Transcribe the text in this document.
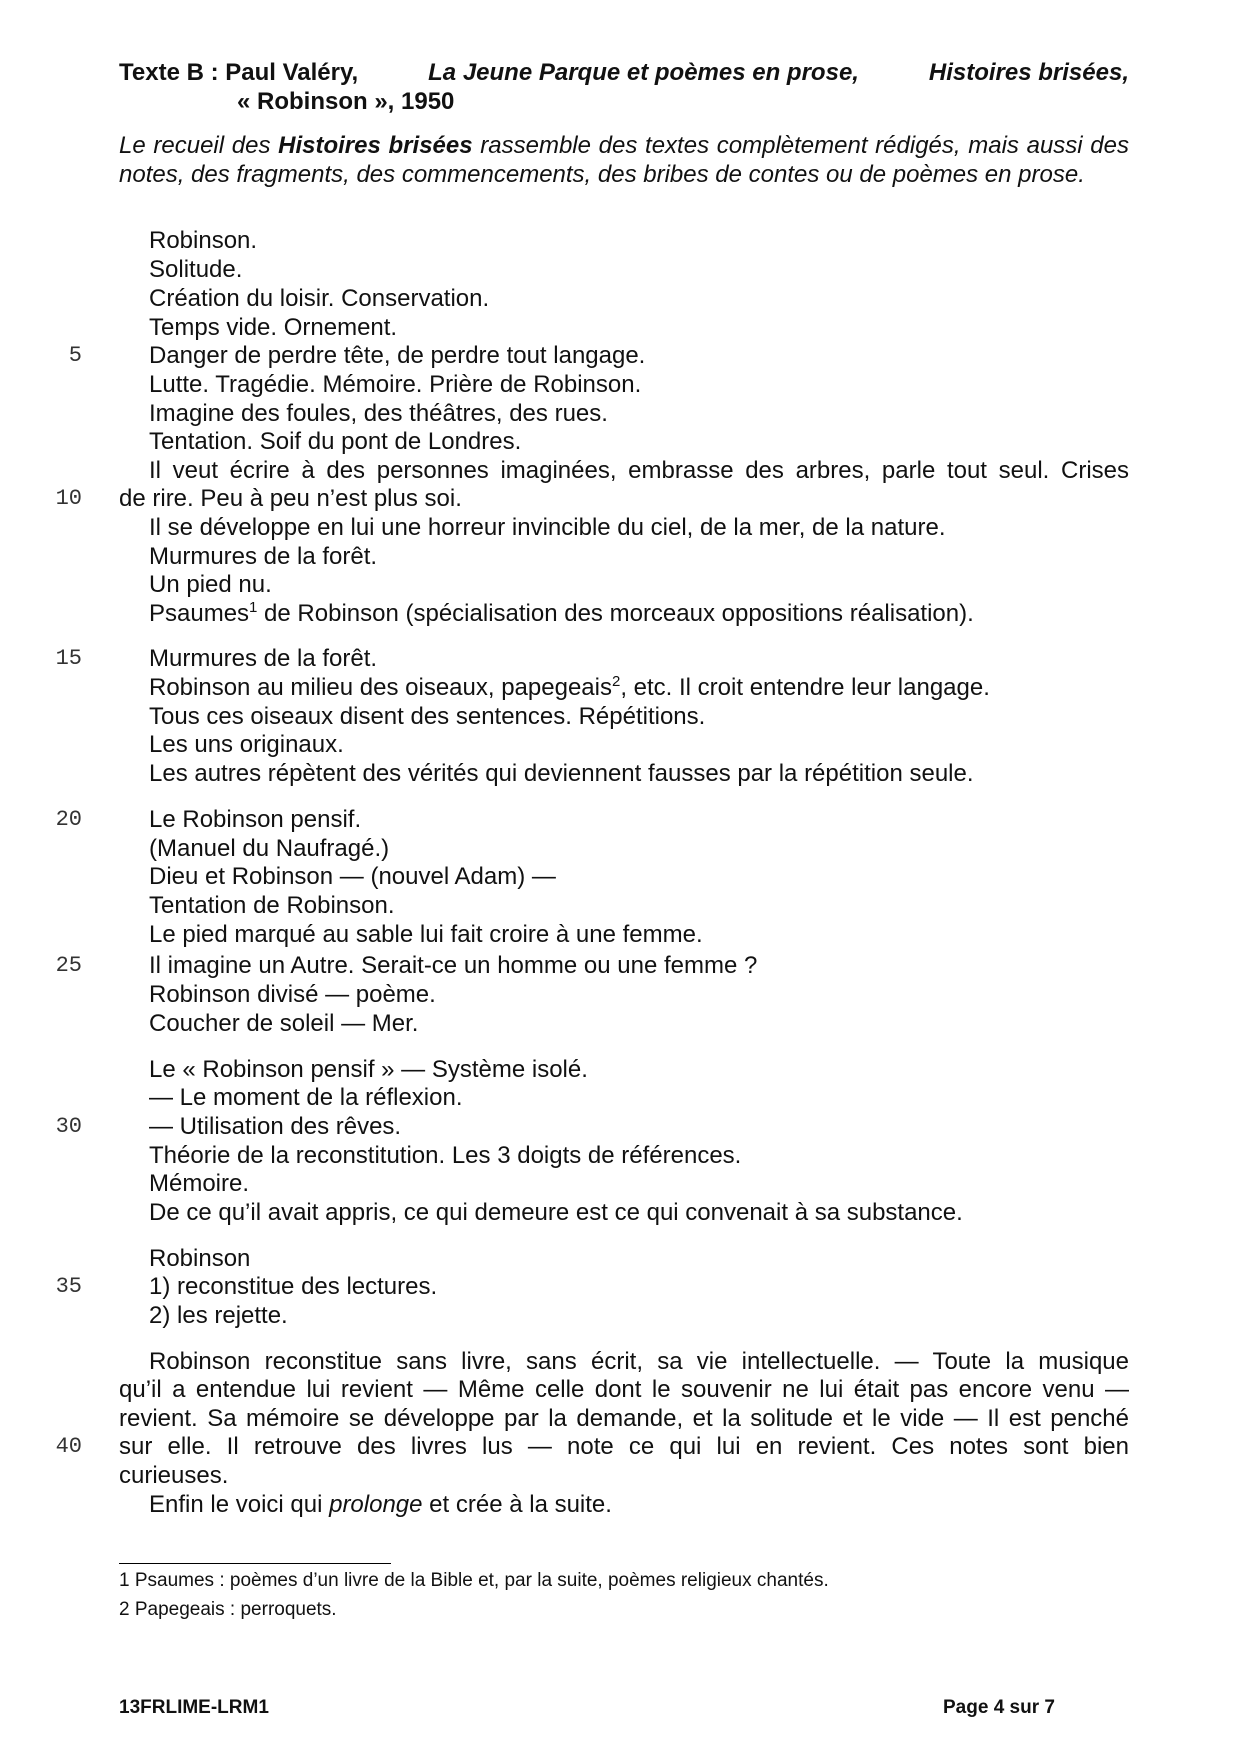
Texte B : Paul Valéry,	La Jeune Parque et poèmes en prose,	Histoires brisées,
« Robinson », 1950
Le recueil des Histoires brisées rassemble des textes complètement rédigés, mais aussi des notes, des fragments, des commencements, des bribes de contes ou de poèmes en prose.
5
10
15
20
25
30
35
40
Robinson.
Solitude.
Création du loisir. Conservation.
Temps vide. Ornement.
Danger de perdre tête, de perdre tout langage.
Lutte. Tragédie. Mémoire. Prière de Robinson.
Imagine des foules, des théâtres, des rues.
Tentation. Soif du pont de Londres.
Il veut écrire à des personnes imaginées, embrasse des arbres, parle tout seul. Crises
de rire. Peu à peu n’est plus soi.
Il se développe en lui une horreur invincible du ciel, de la mer, de la nature.
Murmures de la forêt.
Un pied nu.
Psaumes$^1$ de Robinson (spécialisation des morceaux oppositions réalisation).
Murmures de la forêt.
Robinson au milieu des oiseaux, papegeais$^2$, etc. Il croit entendre leur langage.
Tous ces oiseaux disent des sentences. Répétitions.
Les uns originaux.
Les autres répètent des vérités qui deviennent fausses par la répétition seule.
Le Robinson pensif.
(Manuel du Naufragé.)
Dieu et Robinson — (nouvel Adam) —
Tentation de Robinson.
Le pied marqué au sable lui fait croire à une femme.
Il imagine un Autre. Serait-ce un homme ou une femme ?
Robinson divisé — poème.
Coucher de soleil — Mer.
Le « Robinson pensif » — Système isolé.
— Le moment de la réflexion.
— Utilisation des rêves.
Théorie de la reconstitution. Les 3 doigts de références.
Mémoire.
De ce qu’il avait appris, ce qui demeure est ce qui convenait à sa substance.
Robinson
1) reconstitue des lectures.
2) les rejette.
Robinson reconstitue sans livre, sans écrit, sa vie intellectuelle. — Toute la musique
qu’il a entendue lui revient — Même celle dont le souvenir ne lui était pas encore venu —
revient. Sa mémoire se développe par la demande, et la solitude et le vide — Il est penché
sur elle. Il retrouve des livres lus — note ce qui lui en revient. Ces notes sont bien
curieuses.
Enfin le voici qui prolonge et crée à la suite.
1 Psaumes : poèmes d’un livre de la Bible et, par la suite, poèmes religieux chantés.
2 Papegeais : perroquets.
13FRLIME-LRM1	Page 4 sur 7
